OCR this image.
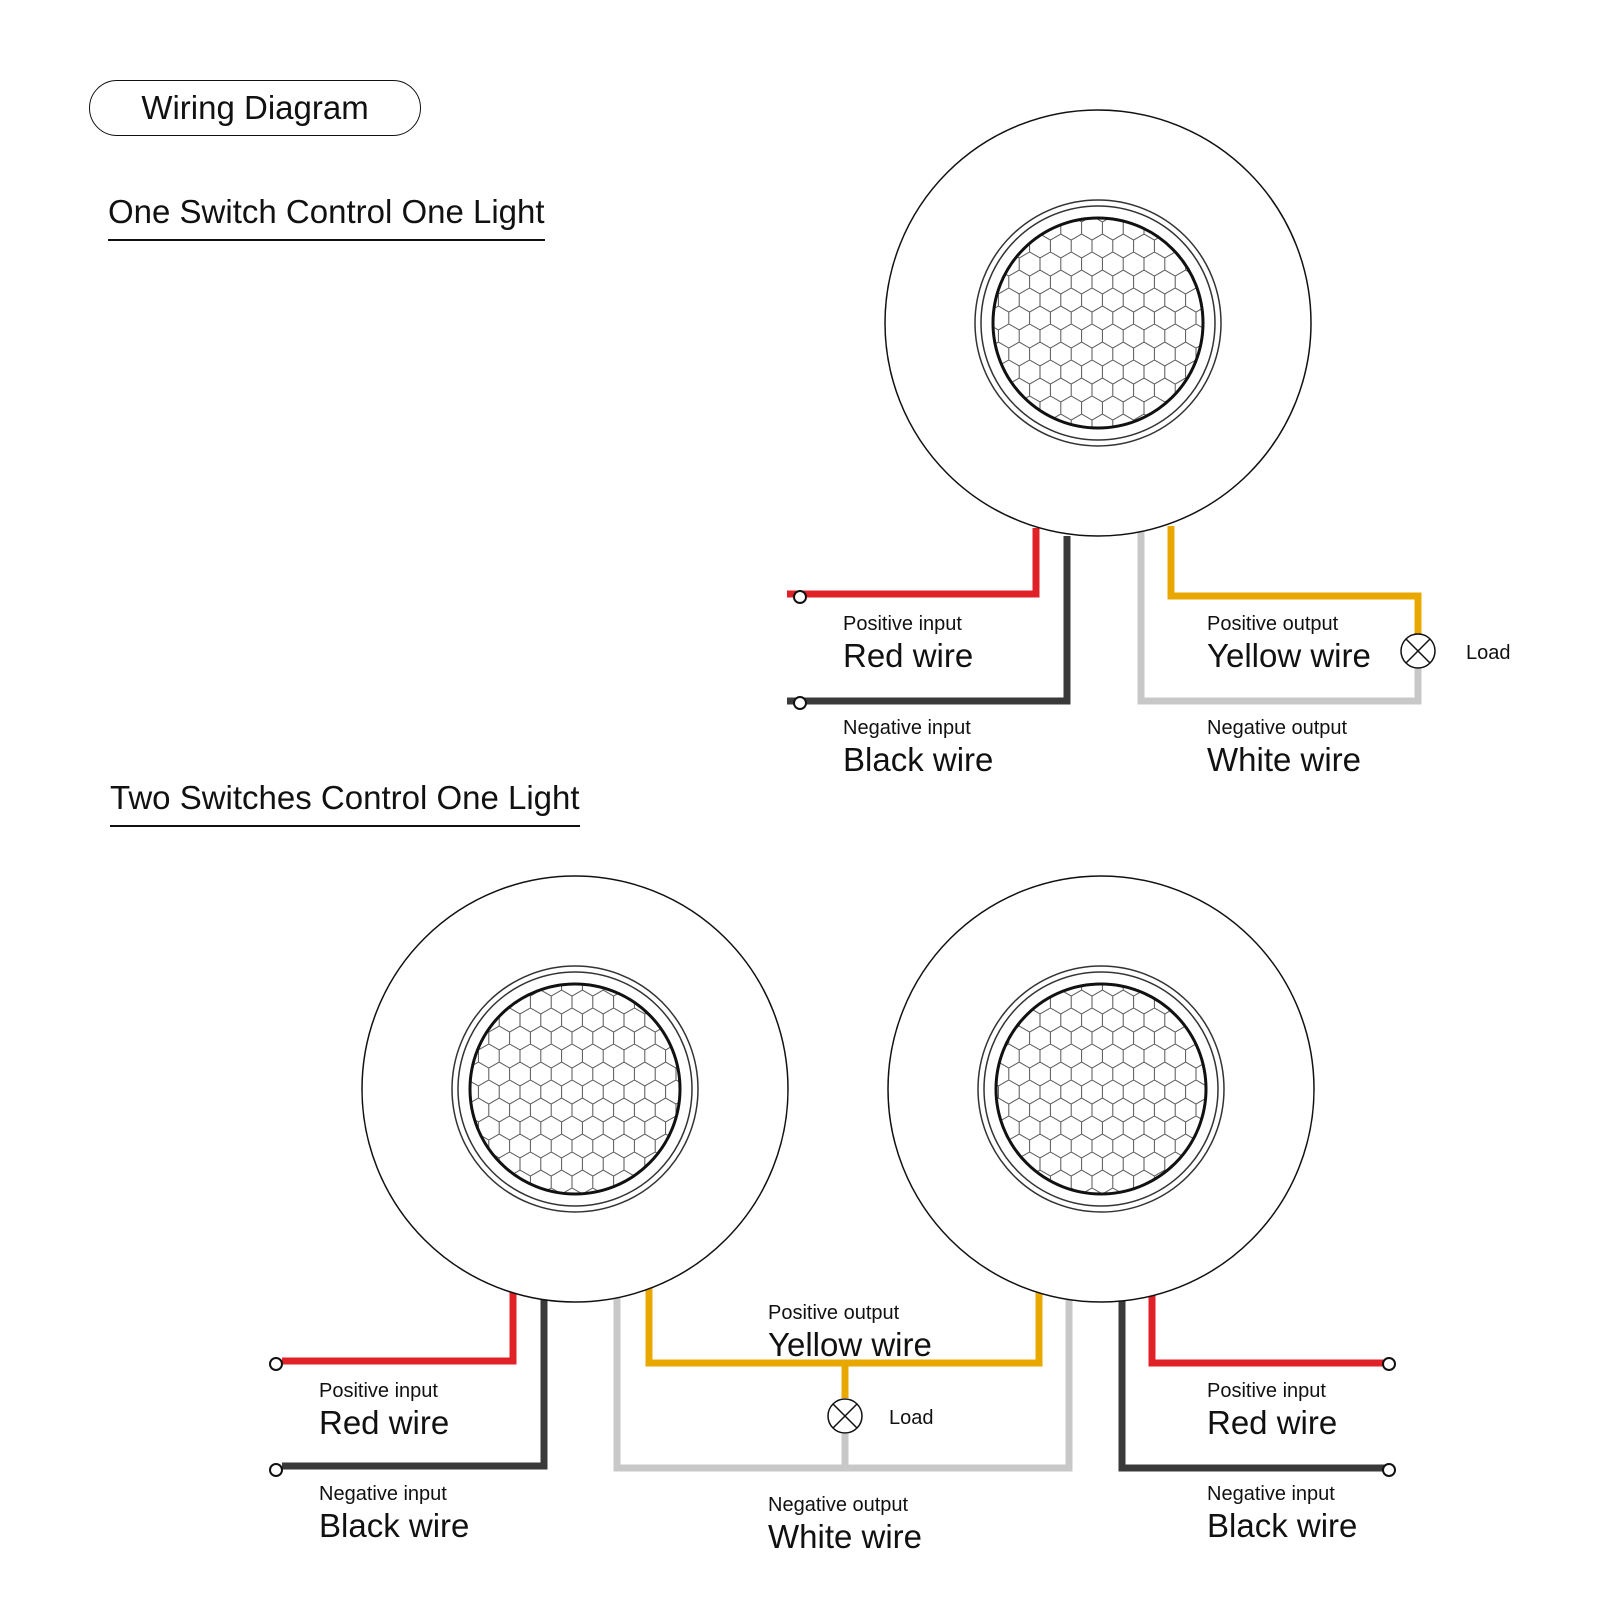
Wiring Diagram
One Switch Control One Light
Two Switches Control One Light
Positive input
Red wire
Negative input
Black wire
Positive output
Yellow wire
Negative output
White wire
Load
Positive input
Red wire
Negative input
Black wire
Positive output
Yellow wire
Load
Negative output
White wire
Positive input
Red wire
Negative input
Black wire
